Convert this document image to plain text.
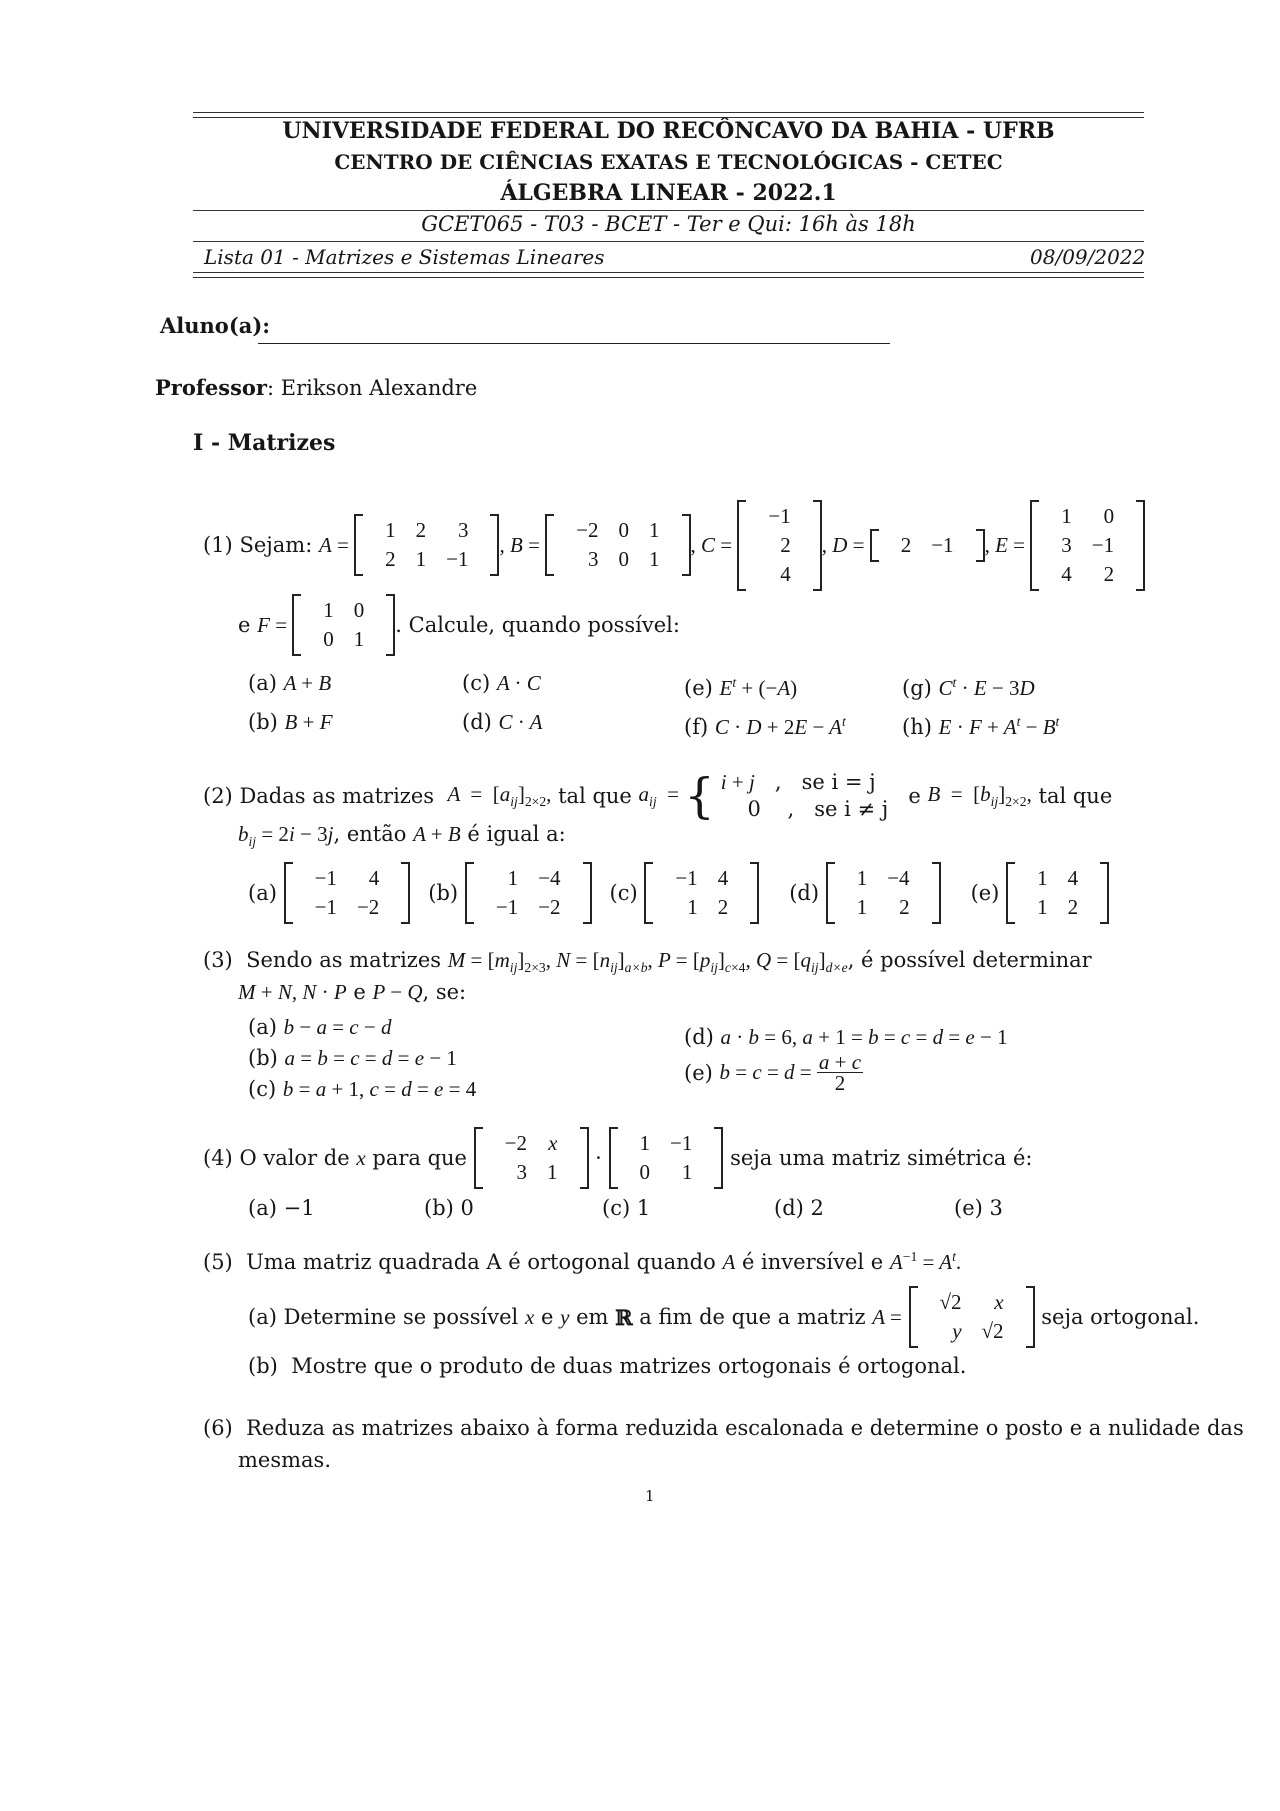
UNIVERSIDADE FEDERAL DO RECÔNCAVO DA BAHIA - UFRB
CENTRO DE CIÊNCIAS EXATAS E TECNOLÓGICAS - CETEC
ÁLGEBRA LINEAR - 2022.1
GCET065 - T03 - BCET - Ter e Qui: 16h às 18h
Lista 01 - Matrizes e Sistemas Lineares	08/09/2022
Aluno(a):
Professor: Erikson Alexandre
I - Matrizes
(1)
Sejam:
A =
1	2	3
2	1	−1
, B =
−2	0	1
3	0	1
, C =
−1
2
4
, D = 2	−1 , E =
1	0
3	−1
4	2
e
F =
1	0
0	1
. Calcule, quando possível:
(a) A + B	(c) A · C	(e) $E^t + (-A)$	(g) $C^t \cdot E - 3D$
(b) B + F	(d) C · A	(f) $C \cdot D + 2E - A^t$	(h) $E \cdot F + A^t - B^t$
(2)
Dadas as matrizes
$A = [a_{ij}]_{2\times 2}$,
tal que
$a_{ij}$ = { i + j , se i = j
0    ,   se i ≠ j

e
$B = [b_{ij}]_{2\times 2}$,
tal que
$b_{ij} = 2i - 3j$, então A + B é igual a:
(a)

−1	4
−1	−2
(b)

1	−4
−1	−2
(c)

−1	4
1	2
(d)

1	−4
1	2
(e)

1	4
1	2
(3) Sendo as matrizes $M = [m_{ij}]_{2\times 3}$, $N = [n_{ij}]_{a\times b}$, $P = [p_{ij}]_{c\times 4}$, $Q = [q_{ij}]_{d\times e}$, é possível determinar
M + N, N · P e P − Q, se:
(a) b − a = c − d
(b) a = b = c = d = e − 1
(c) b = a + 1, c = d = e = 4
(d) a · b = 6, a + 1 = b = c = d = e − 1
(e)
$b = c = d = \frac{a + c}{2}$
(4)
O valor de
x
para que

−2	x
3	1
·
1	−1
0	1

seja uma matriz simétrica é:
(a) −1	(b) 0	(c) 1	(d) 2	(e) 3
(5) Uma matriz quadrada A é ortogonal quando A é inversível e $A^{-1} = A^t$.
(a)
Determine se possível
x
e
y
em
ℝ
a fim de que a matriz
A =

√2	x
y	√2

seja ortogonal.
(b) Mostre que o produto de duas matrizes ortogonais é ortogonal.
(6) Reduza as matrizes abaixo à forma reduzida escalonada e determine o posto e a nulidade das
mesmas.
1
